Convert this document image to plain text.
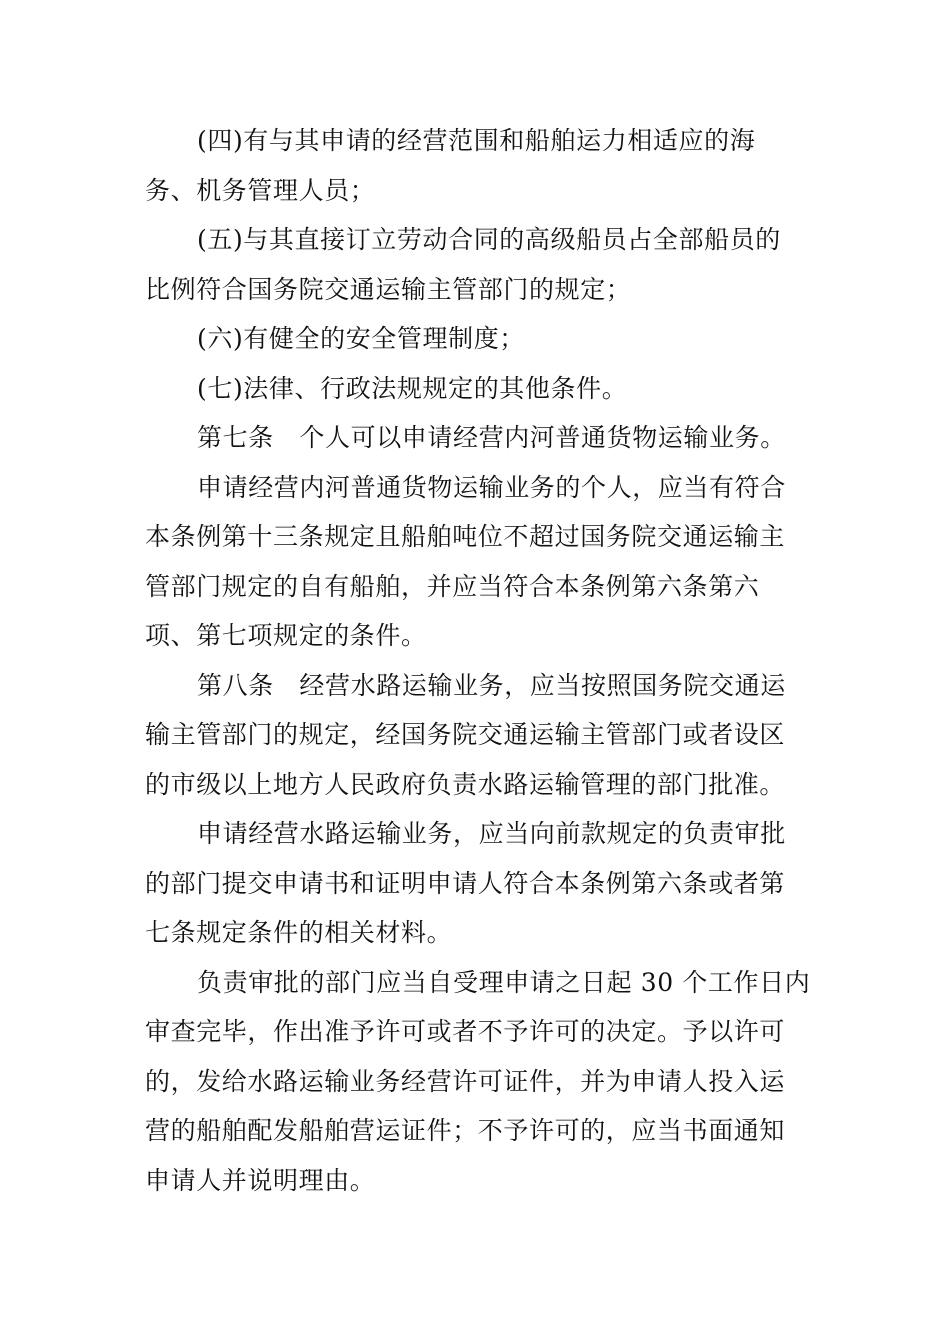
(四)有与其申请的经营范围和船舶运力相适应的海
务、机务管理人员；
(五)与其直接订立劳动合同的高级船员占全部船员的
比例符合国务院交通运输主管部门的规定；
(六)有健全的安全管理制度；
(七)法律、行政法规规定的其他条件。
第七条　个人可以申请经营内河普通货物运输业务。
申请经营内河普通货物运输业务的个人，应当有符合
本条例第十三条规定且船舶吨位不超过国务院交通运输主
管部门规定的自有船舶，并应当符合本条例第六条第六
项、第七项规定的条件。
第八条　经营水路运输业务，应当按照国务院交通运
输主管部门的规定，经国务院交通运输主管部门或者设区
的市级以上地方人民政府负责水路运输管理的部门批准。
申请经营水路运输业务，应当向前款规定的负责审批
的部门提交申请书和证明申请人符合本条例第六条或者第
七条规定条件的相关材料。
负责审批的部门应当自受理申请之日起 30 个工作日内
审查完毕，作出准予许可或者不予许可的决定。予以许可
的，发给水路运输业务经营许可证件，并为申请人投入运
营的船舶配发船舶营运证件；不予许可的，应当书面通知
申请人并说明理由。
